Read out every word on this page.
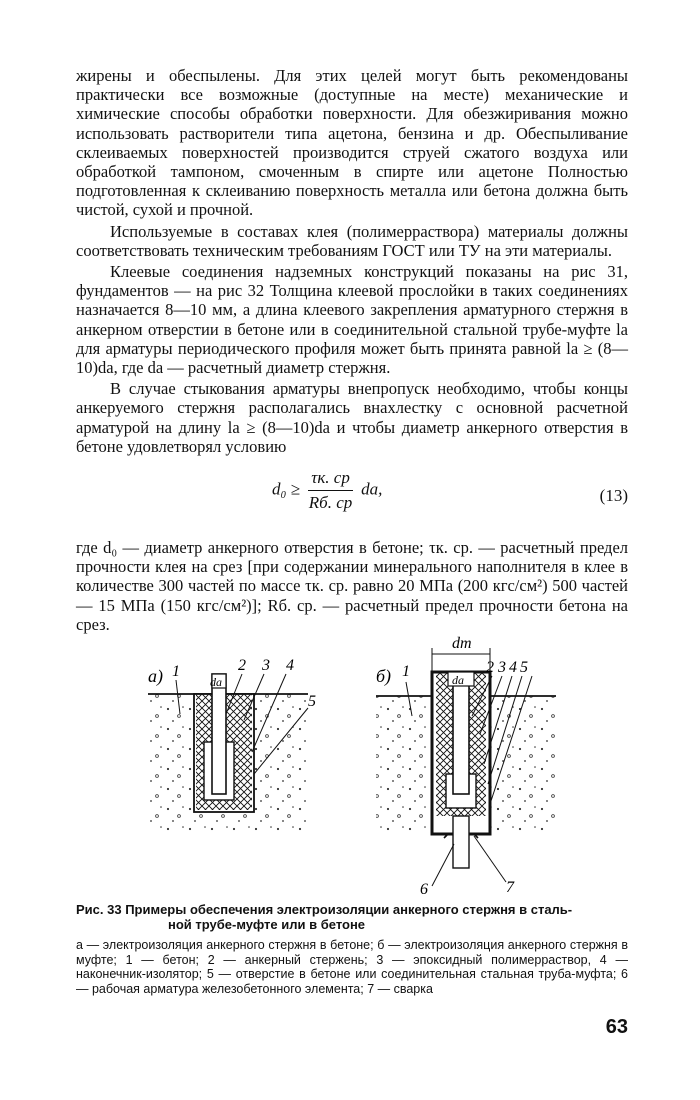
жирены и обеспылены. Для этих целей могут быть рекомендованы практически все возможные (доступные на месте) механические и химические способы обработки поверхности. Для обезжиривания можно использовать растворители типа ацетона, бензина и др. Обеспыливание склеиваемых поверхностей производится струей сжатого воздуха или обработкой тампоном, смоченным в спирте или ацетоне Полностью подготовленная к склеиванию поверхность металла или бетона должна быть чистой, сухой и прочной.

Используемые в составах клея (полимерраствора) материалы должны соответствовать техническим требованиям ГОСТ или ТУ на эти материалы.

Клеевые соединения надземных конструкций показаны на рис 31, фундаментов — на рис 32 Толщина клеевой прослойки в таких соединениях назначается 8—10 мм, а длина клеевого закрепления арматурного стержня в анкерном отверстии в бетоне или в соединительной стальной трубе-муфте lа для арматуры периодического профиля может быть принята равной lа ≥ (8—10)dа, где dа — расчетный диаметр стержня.

В случае стыкования арматуры внепропуск необходимо, чтобы концы анкеруемого стержня располагались внахлестку с основной расчетной арматурой на длину lа ≥ (8—10)dа и чтобы диаметр анкерного отверстия в бетоне удовлетворял условию

$d_0 \ge \frac{\tau к. ср}{Rб. ср}$ dа,	(13)

где d₀ — диаметр анкерного отверстия в бетоне; τк. ср. — расчетный предел прочности клея на срез [при содержании минерального наполнителя в клее в количестве 300 частей по массе τк. ср. равно 20 МПа (200 кгс/см²) 500 частей — 15 МПа (150 кгс/см²)]; Rб. ср. — расчетный предел прочности бетона на срез.

dа
а) 1	2 3 4
5
dт
dа
б) 1	2 3 4 5
6	7
Рис. 33 Примеры обеспечения электроизоляции анкерного стержня в сталь-
ной трубе-муфте или в бетоне
а — электроизоляция анкерного стержня в бетоне; б — электроизоляция анкерного стержня в муфте; 1 — бетон; 2 — анкерный стержень; 3 — эпоксидный полимерраствор, 4 — наконечник-изолятор; 5 — отверстие в бетоне или соединительная стальная труба-муфта; 6 — рабочая арматура железобетонного элемента; 7 — сварка
63
